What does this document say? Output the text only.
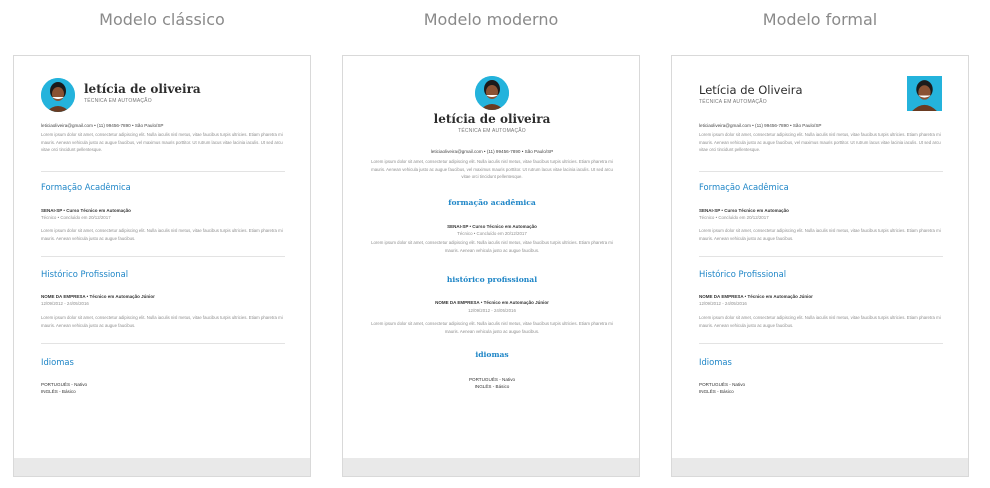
Modelo clássico
letícia de oliveira
TÉCNICA EM AUTOMAÇÃO
leticiaoliveira@gmail.com • (11) 99456-7890 • São Paulo/SP
Lorem ipsum dolor sit amet, consectetur adipiscing elit. Nulla iaculis nisl metus, vitae faucibus turpis ultricies. Etiam pharetra mi mauris. Aenean vehicula justo ac augue faucibus, vel maximus mauris porttitor. Ut rutrum lacus vitae lacinia iaculis. Ut sed arcu vitae orci tincidunt pellentesque.
Formação Acadêmica
SENAI-SP • Curso Técnico em Automação
Técnico • Concluído em 20/12/2017
Lorem ipsum dolor sit amet, consectetur adipiscing elit. Nulla iaculis nisl metus, vitae faucibus turpis ultricies. Etiam pharetra mi mauris. Aenean vehicula justo ac augue faucibus.
Histórico Profissional
NOME DA EMPRESA • Técnico em Automação Júnior
12/09/2012 - 24/05/2016
Lorem ipsum dolor sit amet, consectetur adipiscing elit. Nulla iaculis nisl metus, vitae faucibus turpis ultricies. Etiam pharetra mi mauris. Aenean vehicula justo ac augue faucibus.
Idiomas
PORTUGUÊS - Nativo
INGLÊS - Básico
Modelo moderno
letícia de oliveira
TÉCNICA EM AUTOMAÇÃO
leticiaoliveira@gmail.com • (11) 99456-7890 • São Paulo/SP
Lorem ipsum dolor sit amet, consectetur adipiscing elit. Nulla iaculis nisl metus, vitae faucibus turpis ultricies. Etiam pharetra mi mauris. Aenean vehicula justo ac augue faucibus, vel maximus mauris porttitor. Ut rutrum lacus vitae lacinia iaculis. Ut sed arcu vitae orci tincidunt pellentesque.
formação acadêmica
SENAI-SP • Curso Técnico em Automação
Técnico • Concluído em 20/12/2017
Lorem ipsum dolor sit amet, consectetur adipiscing elit. Nulla iaculis nisl metus, vitae faucibus turpis ultricies. Etiam pharetra mi mauris. Aenean vehicula justo ac augue faucibus.
histórico profissional
NOME DA EMPRESA • Técnico em Automação Júnior
12/09/2012 - 24/05/2016
Lorem ipsum dolor sit amet, consectetur adipiscing elit. Nulla iaculis nisl metus, vitae faucibus turpis ultricies. Etiam pharetra mi mauris. Aenean vehicula justo ac augue faucibus.
idiomas
PORTUGUÊS - Nativo
INGLÊS - Básico
Modelo formal
Letícia de Oliveira
TÉCNICA EM AUTOMAÇÃO
leticiaoliveira@gmail.com • (11) 99456-7890 • São Paulo/SP
Lorem ipsum dolor sit amet, consectetur adipiscing elit. Nulla iaculis nisl metus, vitae faucibus turpis ultricies. Etiam pharetra mi mauris. Aenean vehicula justo ac augue faucibus, vel maximus mauris porttitor. Ut rutrum lacus vitae lacinia iaculis. Ut sed arcu vitae orci tincidunt pellentesque.
Formação Acadêmica
SENAI-SP • Curso Técnico em Automação
Técnico • Concluído em 20/12/2017
Lorem ipsum dolor sit amet, consectetur adipiscing elit. Nulla iaculis nisl metus, vitae faucibus turpis ultricies. Etiam pharetra mi mauris. Aenean vehicula justo ac augue faucibus.
Histórico Profissional
NOME DA EMPRESA • Técnico em Automação Júnior
12/09/2012 - 24/05/2016
Lorem ipsum dolor sit amet, consectetur adipiscing elit. Nulla iaculis nisl metus, vitae faucibus turpis ultricies. Etiam pharetra mi mauris. Aenean vehicula justo ac augue faucibus.
Idiomas
PORTUGUÊS - Nativo
INGLÊS - Básico
